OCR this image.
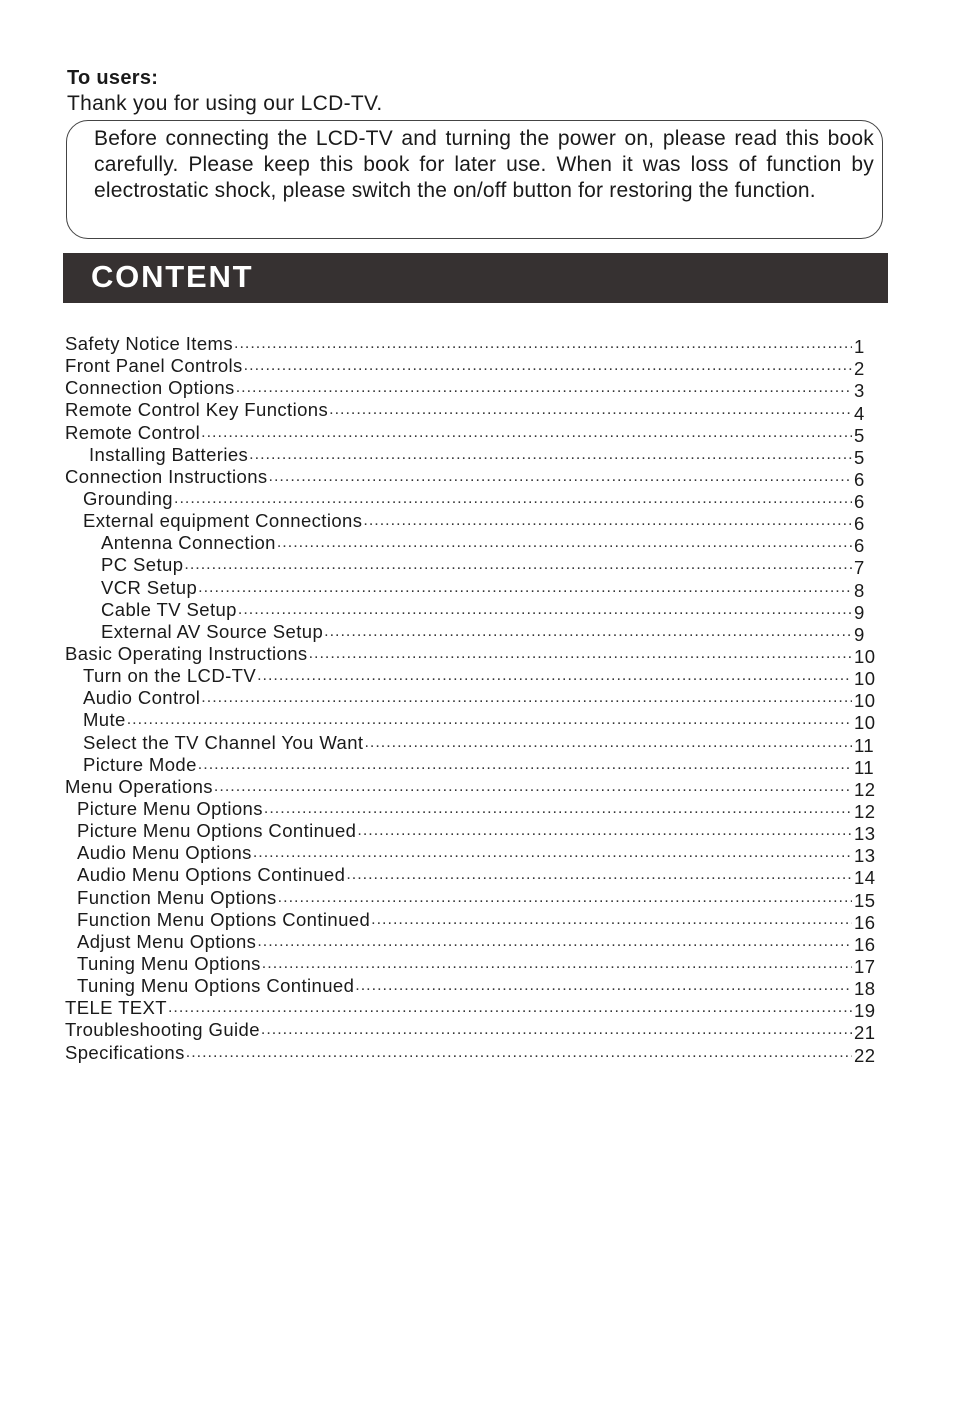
To users:
Thank you for using our LCD-TV.

Before connecting the LCD-TV and turning the power on, please read this book carefully. Please keep this book for later use. When it was loss of function by electrostatic shock, please switch the on/off button for restoring the function.

CONTENT
Safety Notice Items .....	1
Front Panel Controls .....	2
Connection Options .....	3
Remote Control Key Functions .....	4
Remote Control .....	5
Installing Batteries .....	5
Connection Instructions .....	6
Grounding .....	6
External equipment Connections .....	6
Antenna Connection .....	6
PC Setup .....	7
VCR Setup .....	8
Cable TV Setup .....	9
External AV Source Setup .....	9
Basic Operating Instructions .....	10
Turn on the LCD-TV .....	10
Audio Control .....	10
Mute .....	10
Select the TV Channel You Want .....	11
Picture Mode .....	11
Menu Operations .....	12
Picture Menu Options .....	12
Picture Menu Options Continued .....	13
Audio Menu Options .....	13
Audio Menu Options Continued .....	14
Function Menu Options .....	15
Function Menu Options Continued .....	16
Adjust Menu Options .....	16
Tuning Menu Options .....	17
Tuning Menu Options Continued .....	18
TELE TEXT .....	19
Troubleshooting Guide .....	21
Specifications .....	22
